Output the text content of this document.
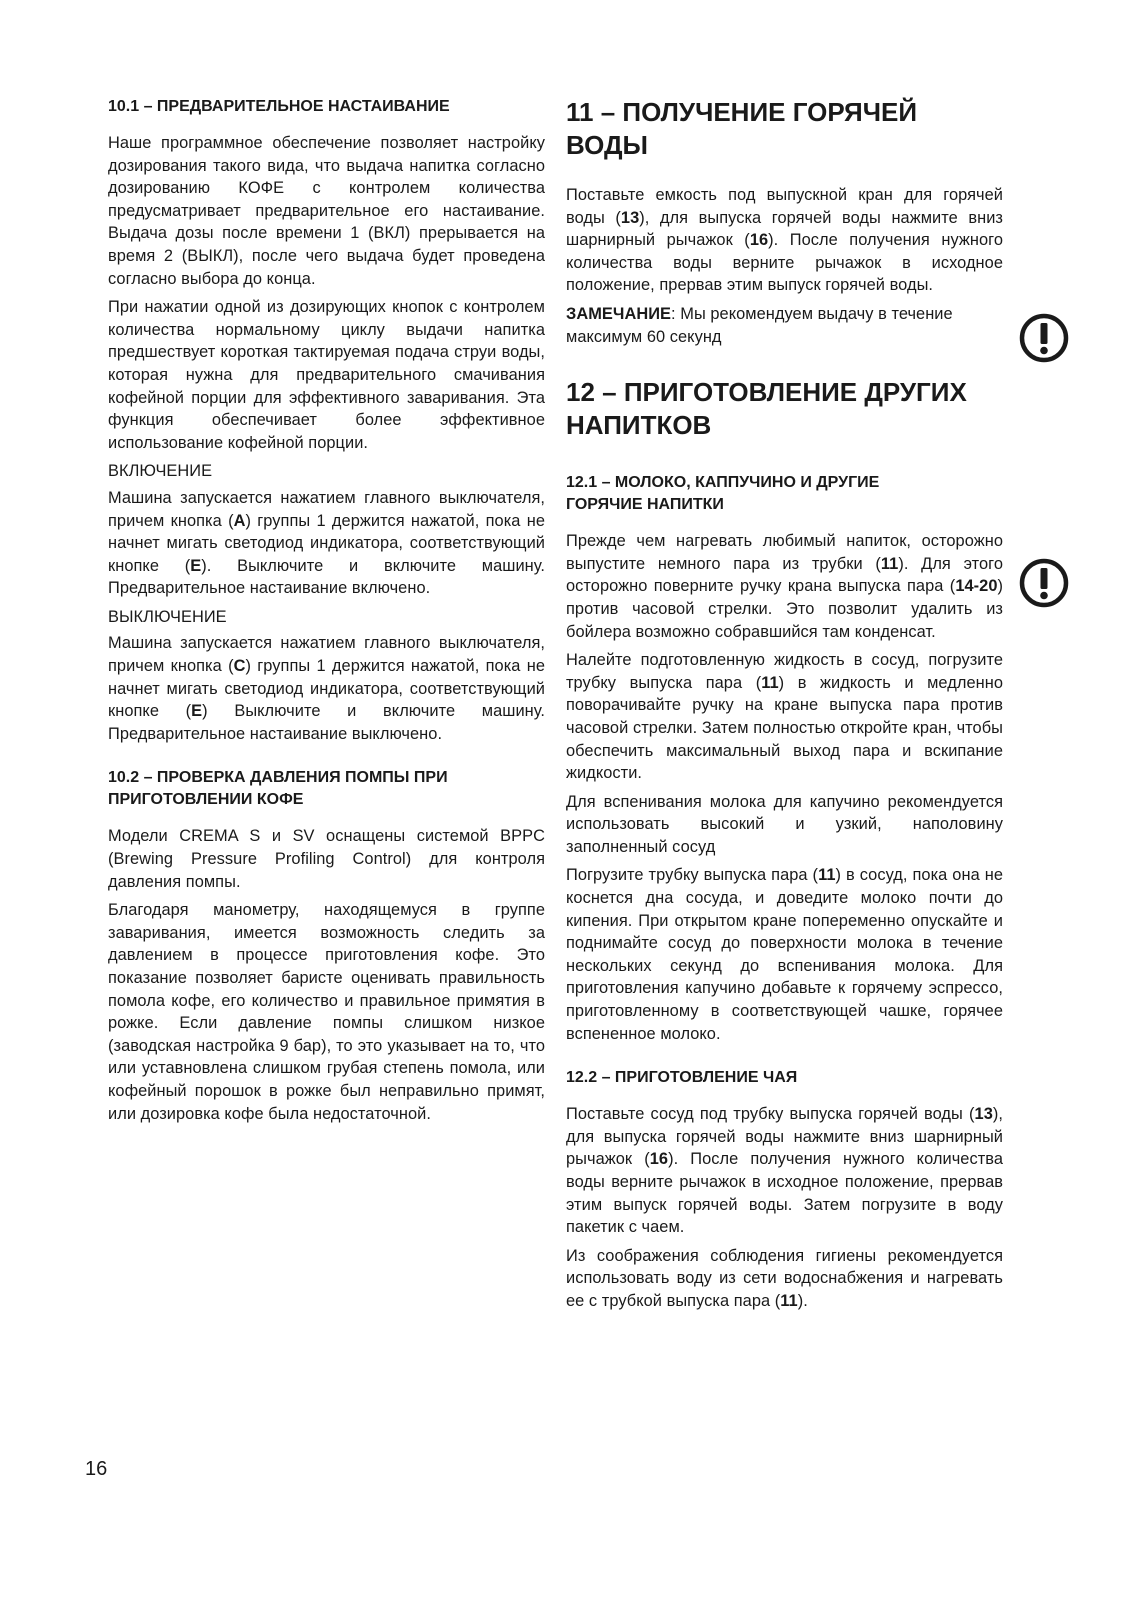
10.1 – ПРЕДВАРИТЕЛЬНОЕ НАСТАИВАНИЕ

Наше программное обеспечение позволяет настройку дозирования такого вида, что выдача напитка согласно дозированию КОФЕ с контролем количества предусматривает предварительное его настаивание. Выдача дозы после времени 1 (ВКЛ) прерывается на время 2 (ВЫКЛ), после чего выдача будет проведена согласно выбора до конца.

При нажатии одной из дозирующих кнопок с контролем количества нормальному циклу выдачи напитка предшествует короткая тактируемая подача струи воды, которая нужна для предварительного смачивания кофейной порции для эффективного заваривания. Эта функция обеспечивает более эффективное использование кофейной порции.

ВКЛЮЧЕНИЕ

Машина запускается нажатием главного выключателя, причем кнопка (A) группы 1 держится нажатой, пока не начнет мигать светодиод индикатора, соответствующий кнопке (E). Выключите и включите машину. Предварительное настаивание включено.

ВЫКЛЮЧЕНИЕ

Машина запускается нажатием главного выключателя, причем кнопка (C) группы 1 держится нажатой, пока не начнет мигать светодиод индикатора, соответствующий кнопке (E) Выключите и включите машину. Предварительное настаивание выключено.

10.2 – ПРОВЕРКА ДАВЛЕНИЯ ПОМПЫ ПРИ
ПРИГОТОВЛЕНИИ КОФЕ

Модели CREMA S и SV оснащены системой BPPC (Brewing Pressure Profiling Control) для контроля давления помпы.

Благодаря манометру, находящемуся в группе заваривания, имеется возможность следить за давлением в процессе приготовления кофе. Это показание позволяет баристе оценивать правильность помола кофе, его количество и правильное примятия в рожке. Если давление помпы слишком низкое (заводская настройка 9 бар), то это указывает на то, что или уставновлена слишком грубая степень помола, или кофейный порошок в рожке был неправильно примят, или дозировка кофе была недостаточной.

11 – ПОЛУЧЕНИЕ ГОРЯЧЕЙ
ВОДЫ

Поставьте емкость под выпускной кран для горячей воды (13), для выпуска горячей воды нажмите вниз шарнирный рычажок (16). После получения нужного количества воды верните рычажок в исходное положение, прервав этим выпуск горячей воды.

ЗАМЕЧАНИЕ: Мы рекомендуем выдачу в течение максимум 60 секунд

12 – ПРИГОТОВЛЕНИЕ ДРУГИХ
НАПИТКОВ
12.1 – МОЛОКО, КАППУЧИНО И ДРУГИЕ
ГОРЯЧИЕ НАПИТКИ

Прежде чем нагревать любимый напиток, осторожно выпустите немного пара из трубки (11). Для этого осторожно поверните ручку крана выпуска пара (14-20) против часовой стрелки. Это позволит удалить из бойлера возможно собравшийся там конденсат.

Налейте подготовленную жидкость в сосуд, погрузите трубку выпуска пара (11) в жидкость и медленно поворачивайте ручку на кране выпуска пара против часовой стрелки. Затем полностью откройте кран, чтобы обеспечить максимальный выход пара и вскипание жидкости.

Для вспенивания молока для капучино рекомендуется использовать высокий и узкий, наполовину заполненный сосуд

Погрузите трубку выпуска пара (11) в сосуд, пока она не коснется дна сосуда, и доведите молоко почти до кипения. При открытом кране попеременно опускайте и поднимайте сосуд до поверхности молока в течение нескольких секунд до вспенивания молока. Для приготовления капучино добавьте к горячему эспрессо, приготовленному в соответствующей чашке, горячее вспененное молоко.

12.2 – ПРИГОТОВЛЕНИЕ ЧАЯ

Поставьте сосуд под трубку выпуска горячей воды (13), для выпуска горячей воды нажмите вниз шарнирный рычажок (16). После получения нужного количества воды верните рычажок в исходное положение, прервав этим выпуск горячей воды. Затем погрузите в воду пакетик с чаем.

Из соображения соблюдения гигиены рекомендуется использовать воду из сети водоснабжения и нагревать ее с трубкой выпуска пара (11).

16
